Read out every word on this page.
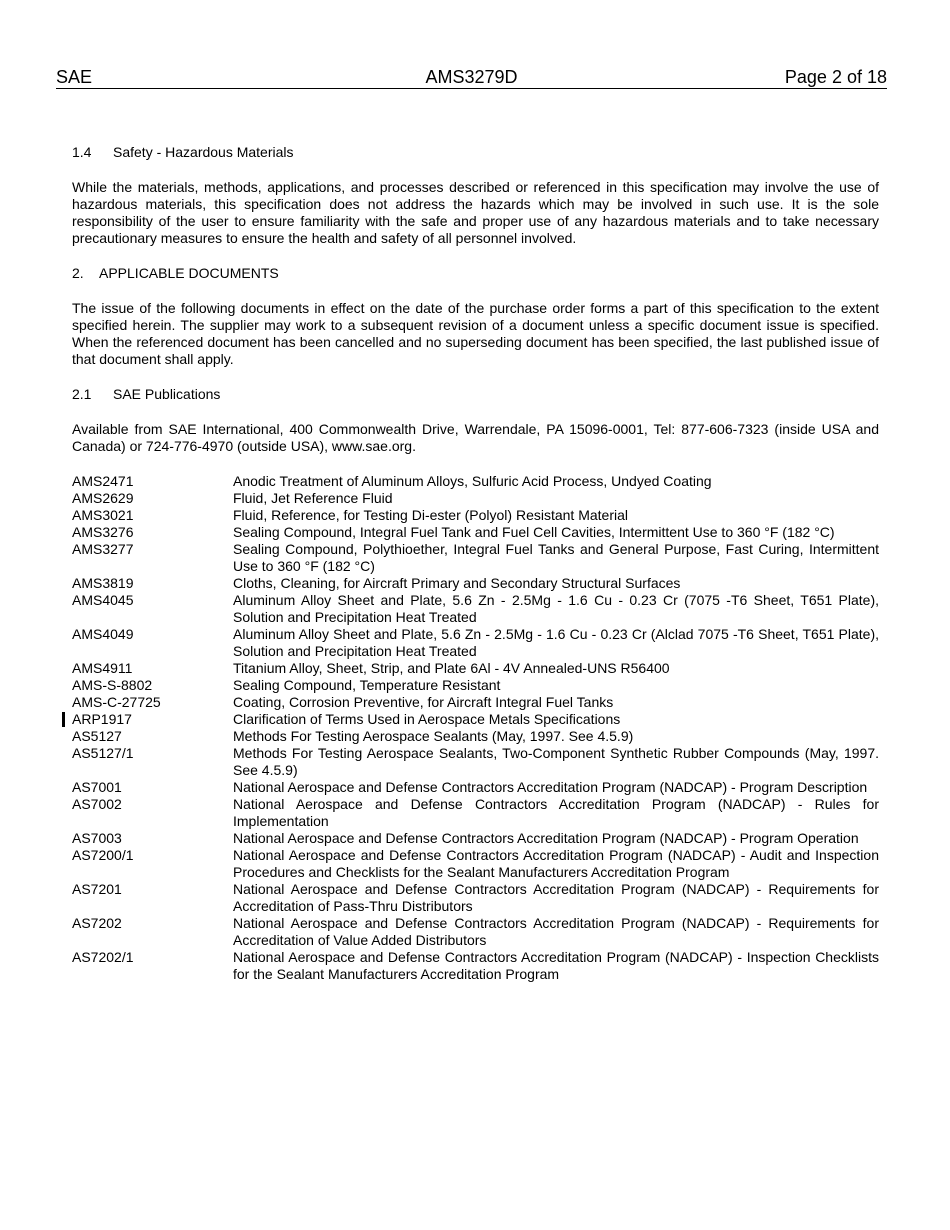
SAE	AMS3279D	Page 2 of 18
1.4 Safety - Hazardous Materials

While the materials, methods, applications, and processes described or referenced in this specification may involve the use of hazardous materials, this specification does not address the hazards which may be involved in such use. It is the sole responsibility of the user to ensure familiarity with the safe and proper use of any hazardous materials and to take necessary precautionary measures to ensure the health and safety of all personnel involved.

2. APPLICABLE DOCUMENTS

The issue of the following documents in effect on the date of the purchase order forms a part of this specification to the extent specified herein. The supplier may work to a subsequent revision of a document unless a specific document issue is specified. When the referenced document has been cancelled and no superseding document has been specified, the last published issue of that document shall apply.

2.1 SAE Publications

Available from SAE International, 400 Commonwealth Drive, Warrendale, PA 15096-0001, Tel: 877-606-7323 (inside USA and Canada) or 724-776-4970 (outside USA), www.sae.org.

AMS2471	Anodic Treatment of Aluminum Alloys, Sulfuric Acid Process, Undyed Coating
AMS2629	Fluid, Jet Reference Fluid
AMS3021	Fluid, Reference, for Testing Di-ester (Polyol) Resistant Material
AMS3276	Sealing Compound, Integral Fuel Tank and Fuel Cell Cavities, Intermittent Use to 360 °F (182 °C)
AMS3277	Sealing Compound, Polythioether, Integral Fuel Tanks and General Purpose, Fast Curing, Intermittent Use to 360 °F (182 °C)
AMS3819	Cloths, Cleaning, for Aircraft Primary and Secondary Structural Surfaces
AMS4045	Aluminum Alloy Sheet and Plate, 5.6 Zn - 2.5Mg - 1.6 Cu - 0.23 Cr (7075 -T6 Sheet, T651 Plate), Solution and Precipitation Heat Treated
AMS4049	Aluminum Alloy Sheet and Plate, 5.6 Zn - 2.5Mg - 1.6 Cu - 0.23 Cr (Alclad 7075 -T6 Sheet, T651 Plate), Solution and Precipitation Heat Treated
AMS4911	Titanium Alloy, Sheet, Strip, and Plate 6Al - 4V Annealed-UNS R56400
AMS-S-8802	Sealing Compound, Temperature Resistant
AMS-C-27725	Coating, Corrosion Preventive, for Aircraft Integral Fuel Tanks
ARP1917	Clarification of Terms Used in Aerospace Metals Specifications
AS5127	Methods For Testing Aerospace Sealants (May, 1997. See 4.5.9)
AS5127/1	Methods For Testing Aerospace Sealants, Two-Component Synthetic Rubber Compounds (May, 1997. See 4.5.9)
AS7001	National Aerospace and Defense Contractors Accreditation Program (NADCAP) - Program Description
AS7002	National Aerospace and Defense Contractors Accreditation Program (NADCAP) - Rules for Implementation
AS7003	National Aerospace and Defense Contractors Accreditation Program (NADCAP) - Program Operation
AS7200/1	National Aerospace and Defense Contractors Accreditation Program (NADCAP) - Audit and Inspection Procedures and Checklists for the Sealant Manufacturers Accreditation Program
AS7201	National Aerospace and Defense Contractors Accreditation Program (NADCAP) - Requirements for Accreditation of Pass-Thru Distributors
AS7202	National Aerospace and Defense Contractors Accreditation Program (NADCAP) - Requirements for Accreditation of Value Added Distributors
AS7202/1	National Aerospace and Defense Contractors Accreditation Program (NADCAP) - Inspection Checklists for the Sealant Manufacturers Accreditation Program
